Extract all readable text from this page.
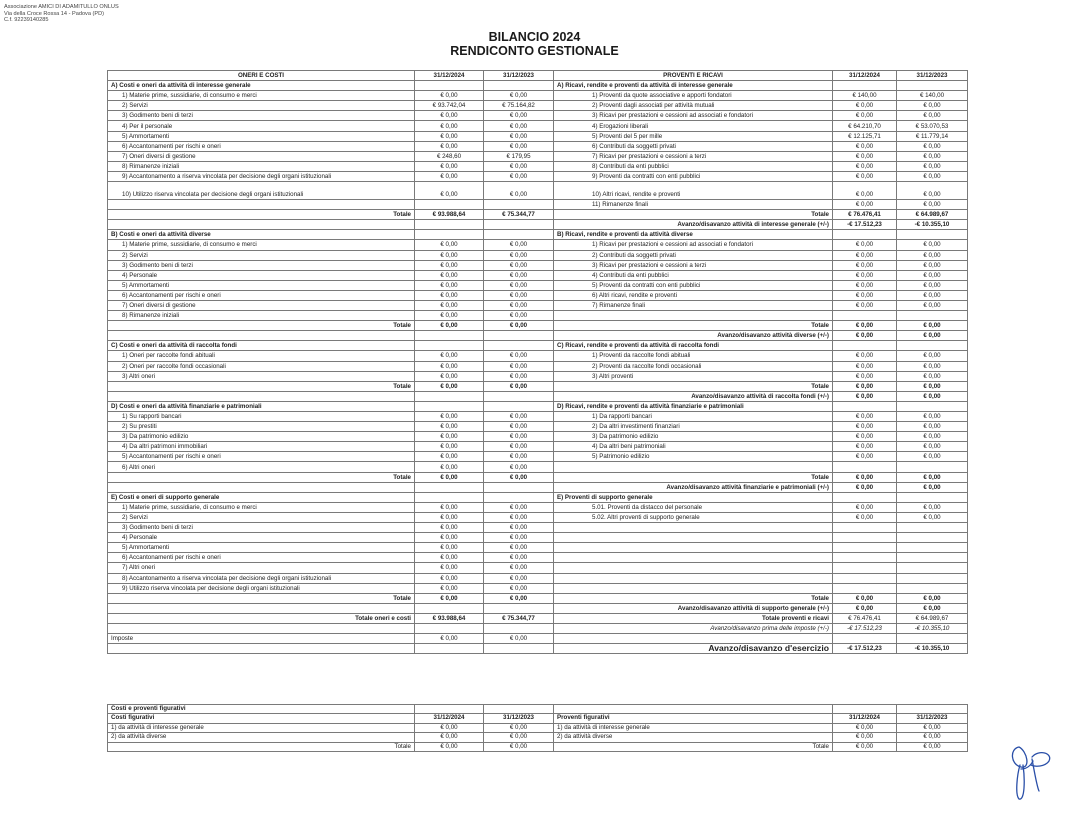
Associazione AMICI DI ADAMITULLO ONLUS
Via della Croce Rossa 14 - Padova (PD)
C.f. 92239140285
BILANCIO 2024
RENDICONTO GESTIONALE
ONERI E COSTI	31/12/2024	31/12/2023	PROVENTI E RICAVI	31/12/2024	31/12/2023
A) Costi e oneri da attività di interesse generale			A) Ricavi, rendite e proventi da attività di interesse generale		
1) Materie prime, sussidiarie, di consumo e merci	€ 0,00	€ 0,00	1) Proventi da quote associative e apporti fondatori	€ 140,00	€ 140,00
2) Servizi	€ 93.742,04	€ 75.164,82	2) Proventi dagli associati per attività mutuali	€ 0,00	€ 0,00
3) Godimento beni di terzi	€ 0,00	€ 0,00	3) Ricavi per prestazioni e cessioni ad associati e fondatori	€ 0,00	€ 0,00
4) Per il personale	€ 0,00	€ 0,00	4) Erogazioni liberali	€ 64.210,70	€ 53.070,53
5) Ammortamenti	€ 0,00	€ 0,00	5) Proventi del 5 per mille	€ 12.125,71	€ 11.779,14
6) Accantonamenti per rischi e oneri	€ 0,00	€ 0,00	6) Contributi da soggetti privati	€ 0,00	€ 0,00
7) Oneri diversi di gestione	€ 248,60	€ 179,95	7) Ricavi per prestazioni e cessioni a terzi	€ 0,00	€ 0,00
8) Rimanenze iniziali	€ 0,00	€ 0,00	8) Contributi da enti pubblici	€ 0,00	€ 0,00
9) Accantonamento a riserva vincolata per decisione degli organi istituzionali	€ 0,00	€ 0,00	9) Proventi da contratti con enti pubblici	€ 0,00	€ 0,00
10) Utilizzo riserva vincolata per decisione degli organi istituzionali	€ 0,00	€ 0,00	10) Altri ricavi, rendite e proventi	€ 0,00	€ 0,00
			11) Rimanenze finali	€ 0,00	€ 0,00
Totale	€ 93.988,64	€ 75.344,77	Totale	€ 76.476,41	€ 64.989,67
			Avanzo/disavanzo attività di interesse generale (+/-)	-€ 17.512,23	-€ 10.355,10
B) Costi e oneri da attività diverse			B) Ricavi, rendite e proventi da attività diverse		
1) Materie prime, sussidiarie, di consumo e merci	€ 0,00	€ 0,00	1) Ricavi per prestazioni e cessioni ad associati e fondatori	€ 0,00	€ 0,00
2) Servizi	€ 0,00	€ 0,00	2) Contributi da soggetti privati	€ 0,00	€ 0,00
3) Godimento beni di terzi	€ 0,00	€ 0,00	3) Ricavi per prestazioni e cessioni a terzi	€ 0,00	€ 0,00
4) Personale	€ 0,00	€ 0,00	4) Contributi da enti pubblici	€ 0,00	€ 0,00
5) Ammortamenti	€ 0,00	€ 0,00	5) Proventi da contratti con enti pubblici	€ 0,00	€ 0,00
6) Accantonamenti per rischi e oneri	€ 0,00	€ 0,00	6) Altri ricavi, rendite e proventi	€ 0,00	€ 0,00
7) Oneri diversi di gestione	€ 0,00	€ 0,00	7) Rimanenze finali	€ 0,00	€ 0,00
8) Rimanenze iniziali	€ 0,00	€ 0,00			
Totale	€ 0,00	€ 0,00	Totale	€ 0,00	€ 0,00
			Avanzo/disavanzo attività diverse (+/-)	€ 0,00	€ 0,00
C) Costi e oneri da attività di raccolta fondi			C) Ricavi, rendite e proventi da attività di raccolta fondi		
1) Oneri per raccolte fondi abituali	€ 0,00	€ 0,00	1) Proventi da raccolte fondi abituali	€ 0,00	€ 0,00
2) Oneri per raccolte fondi occasionali	€ 0,00	€ 0,00	2) Proventi da raccolte fondi occasionali	€ 0,00	€ 0,00
3) Altri oneri	€ 0,00	€ 0,00	3) Altri proventi	€ 0,00	€ 0,00
Totale	€ 0,00	€ 0,00	Totale	€ 0,00	€ 0,00
			Avanzo/disavanzo attività di raccolta fondi (+/-)	€ 0,00	€ 0,00
D) Costi e oneri da attività finanziarie e patrimoniali			D) Ricavi, rendite e proventi da attività finanziarie e patrimoniali		
1) Su rapporti bancari	€ 0,00	€ 0,00	1) Da rapporti bancari	€ 0,00	€ 0,00
2) Su prestiti	€ 0,00	€ 0,00	2) Da altri investimenti finanziari	€ 0,00	€ 0,00
3) Da patrimonio edilizio	€ 0,00	€ 0,00	3) Da patrimonio edilizio	€ 0,00	€ 0,00
4) Da altri patrimoni immobiliari	€ 0,00	€ 0,00	4) Da altri beni patrimoniali	€ 0,00	€ 0,00
5) Accantonamenti per rischi e oneri	€ 0,00	€ 0,00	5) Patrimonio edilizio	€ 0,00	€ 0,00
6) Altri oneri	€ 0,00	€ 0,00			
Totale	€ 0,00	€ 0,00	Totale	€ 0,00	€ 0,00
			Avanzo/disavanzo attività finanziarie e patrimoniali (+/-)	€ 0,00	€ 0,00
E) Costi e oneri di supporto generale			E) Proventi di supporto generale		
1) Materie prime, sussidiarie, di consumo e merci	€ 0,00	€ 0,00	5.01. Proventi da distacco del personale	€ 0,00	€ 0,00
2) Servizi	€ 0,00	€ 0,00	5.02. Altri proventi di supporto generale	€ 0,00	€ 0,00
3) Godimento beni di terzi	€ 0,00	€ 0,00			
4) Personale	€ 0,00	€ 0,00			
5) Ammortamenti	€ 0,00	€ 0,00			
6) Accantonamenti per rischi e oneri	€ 0,00	€ 0,00			
7) Altri oneri	€ 0,00	€ 0,00			
8) Accantonamento a riserva vincolata per decisione degli organi istituzionali	€ 0,00	€ 0,00			
9) Utilizzo riserva vincolata per decisione degli organi istituzionali	€ 0,00	€ 0,00			
Totale	€ 0,00	€ 0,00	Totale	€ 0,00	€ 0,00
			Avanzo/disavanzo attività di supporto generale (+/-)	€ 0,00	€ 0,00
Totale oneri e costi	€ 93.988,64	€ 75.344,77	Totale proventi e ricavi	€ 76.476,41	€ 64.989,67
			Avanzo/disavanzo prima delle imposte (+/-)	-€ 17.512,23	-€ 10.355,10
Imposte	€ 0,00	€ 0,00			
			Avanzo/disavanzo d'esercizio	-€ 17.512,23	-€ 10.355,10
Costi e proventi figurativi					
Costi figurativi	31/12/2024	31/12/2023	Proventi figurativi	31/12/2024	31/12/2023
1) da attività di interesse generale	€ 0,00	€ 0,00	1) da attività di interesse generale	€ 0,00	€ 0,00
2) da attività diverse	€ 0,00	€ 0,00	2) da attività diverse	€ 0,00	€ 0,00
Totale	€ 0,00	€ 0,00	Totale	€ 0,00	€ 0,00
